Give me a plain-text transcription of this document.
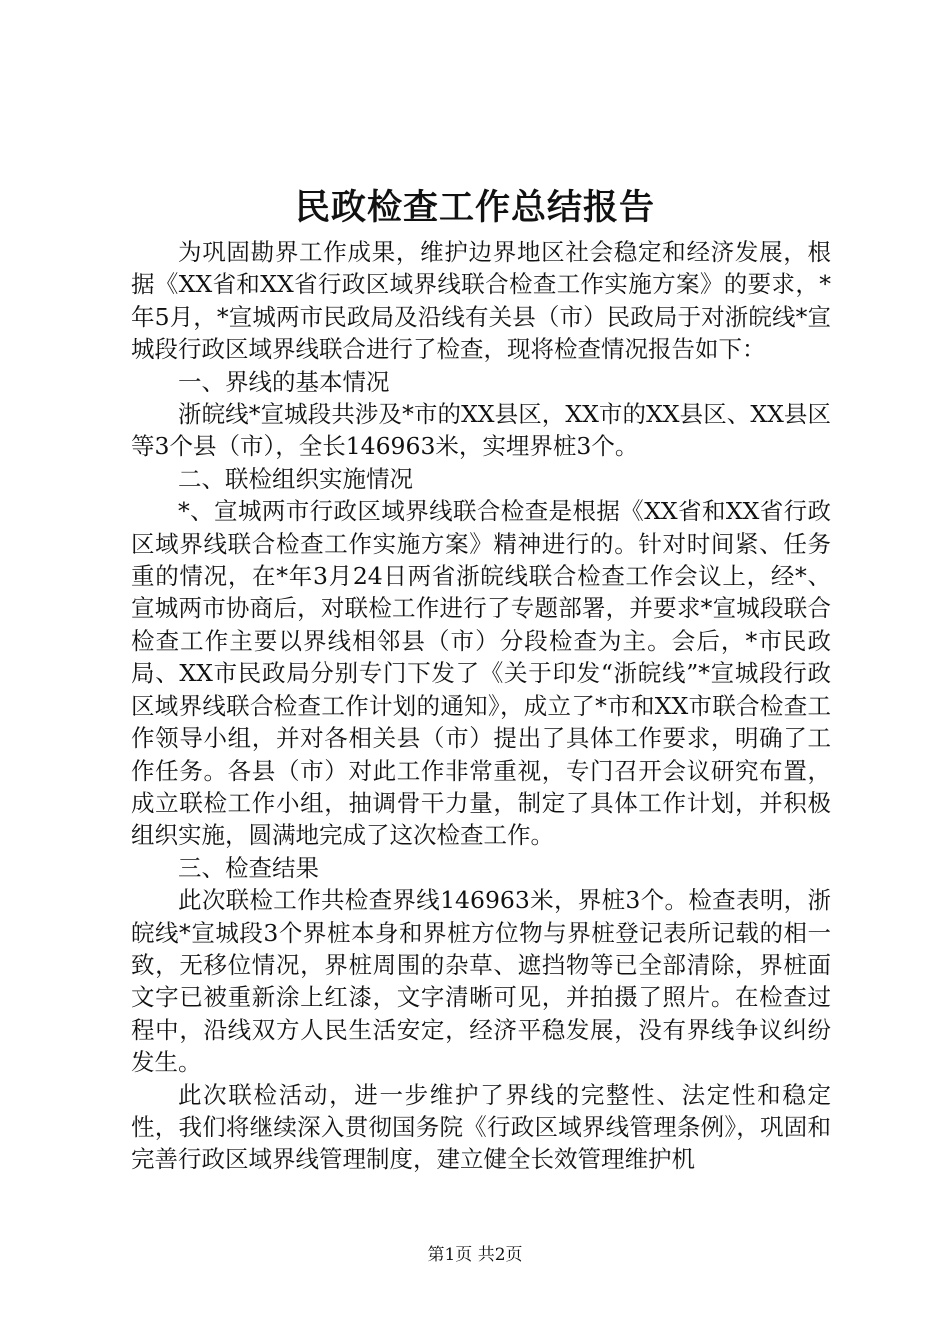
民政检查工作总结报告

为巩固勘界工作成果，维护边界地区社会稳定和经济发展，根据《XX省和XX省行政区域界线联合检查工作实施方案》的要求，*年5月，*宣城两市民政局及沿线有关县（市）民政局于对浙皖线*宣城段行政区域界线联合进行了检查，现将检查情况报告如下：

一、界线的基本情况

浙皖线*宣城段共涉及*市的XX县区，XX市的XX县区、XX县区等3个县（市），全长146963米，实埋界桩3个。

二、联检组织实施情况

*、宣城两市行政区域界线联合检查是根据《XX省和XX省行政区域界线联合检查工作实施方案》精神进行的。针对时间紧、任务重的情况，在*年3月24日两省浙皖线联合检查工作会议上，经*、宣城两市协商后，对联检工作进行了专题部署，并要求*宣城段联合检查工作主要以界线相邻县（市）分段检查为主。会后，*市民政局、XX市民政局分别专门下发了《关于印发“浙皖线”*宣城段行政区域界线联合检查工作计划的通知》，成立了*市和XX市联合检查工作领导小组，并对各相关县（市）提出了具体工作要求，明确了工作任务。各县（市）对此工作非常重视，专门召开会议研究布置，成立联检工作小组，抽调骨干力量，制定了具体工作计划，并积极组织实施，圆满地完成了这次检查工作。

三、检查结果

此次联检工作共检查界线146963米，界桩3个。检查表明，浙皖线*宣城段3个界桩本身和界桩方位物与界桩登记表所记载的相一致，无移位情况，界桩周围的杂草、遮挡物等已全部清除，界桩面文字已被重新涂上红漆，文字清晰可见，并拍摄了照片。在检查过程中，沿线双方人民生活安定，经济平稳发展，没有界线争议纠纷发生。

此次联检活动，进一步维护了界线的完整性、法定性和稳定性，我们将继续深入贯彻国务院《行政区域界线管理条例》，巩固和完善行政区域界线管理制度，建立健全长效管理维护机

第1页 共2页
